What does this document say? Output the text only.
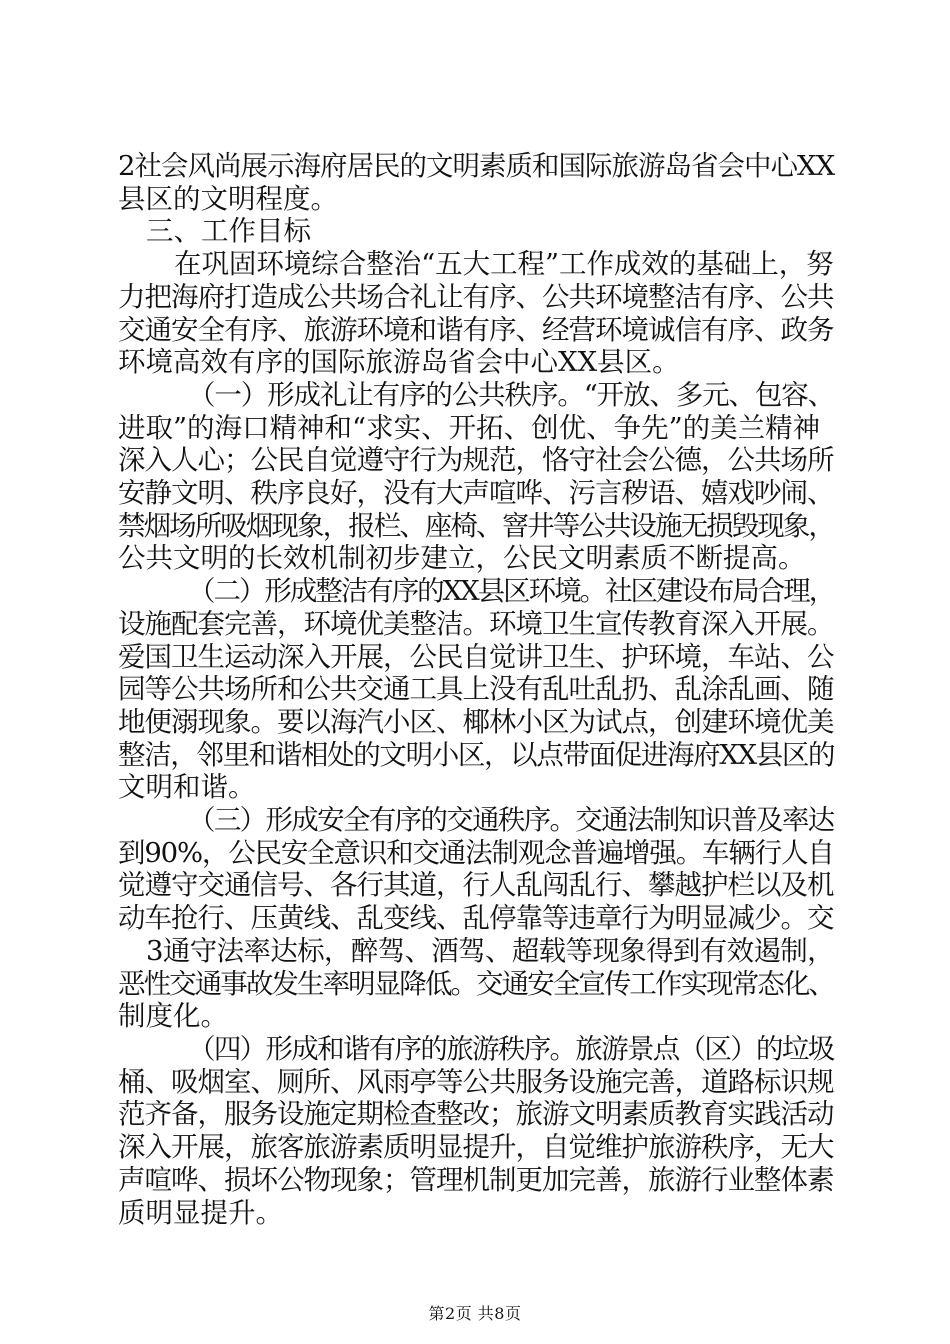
2社会风尚展示海府居民的文明素质和国际旅游岛省会中心XX
县区的文明程度。
三、工作目标
在巩固环境综合整治“五大工程”工作成效的基础上，努
力把海府打造成公共场合礼让有序、公共环境整洁有序、公共
交通安全有序、旅游环境和谐有序、经营环境诚信有序、政务
环境高效有序的国际旅游岛省会中心XX县区。
（一）形成礼让有序的公共秩序。“开放、多元、包容、
进取”的海口精神和“求实、开拓、创优、争先”的美兰精神
深入人心；公民自觉遵守行为规范，恪守社会公德，公共场所
安静文明、秩序良好，没有大声喧哗、污言秽语、嬉戏吵闹、
禁烟场所吸烟现象，报栏、座椅、窨井等公共设施无损毁现象，
公共文明的长效机制初步建立，公民文明素质不断提高。
（二）形成整洁有序的XX县区环境。社区建设布局合理，
设施配套完善，环境优美整洁。环境卫生宣传教育深入开展。
爱国卫生运动深入开展，公民自觉讲卫生、护环境，车站、公
园等公共场所和公共交通工具上没有乱吐乱扔、乱涂乱画、随
地便溺现象。要以海汽小区、椰林小区为试点，创建环境优美
整洁，邻里和谐相处的文明小区，以点带面促进海府XX县区的
文明和谐。
（三）形成安全有序的交通秩序。交通法制知识普及率达
到90%，公民安全意识和交通法制观念普遍增强。车辆行人自
觉遵守交通信号、各行其道，行人乱闯乱行、攀越护栏以及机
动车抢行、压黄线、乱变线、乱停靠等违章行为明显减少。交
3通守法率达标，醉驾、酒驾、超载等现象得到有效遏制，
恶性交通事故发生率明显降低。交通安全宣传工作实现常态化、
制度化。
（四）形成和谐有序的旅游秩序。旅游景点（区）的垃圾
桶、吸烟室、厕所、风雨亭等公共服务设施完善，道路标识规
范齐备，服务设施定期检查整改；旅游文明素质教育实践活动
深入开展，旅客旅游素质明显提升，自觉维护旅游秩序，无大
声喧哗、损坏公物现象；管理机制更加完善，旅游行业整体素
质明显提升。
第2页 共8页
